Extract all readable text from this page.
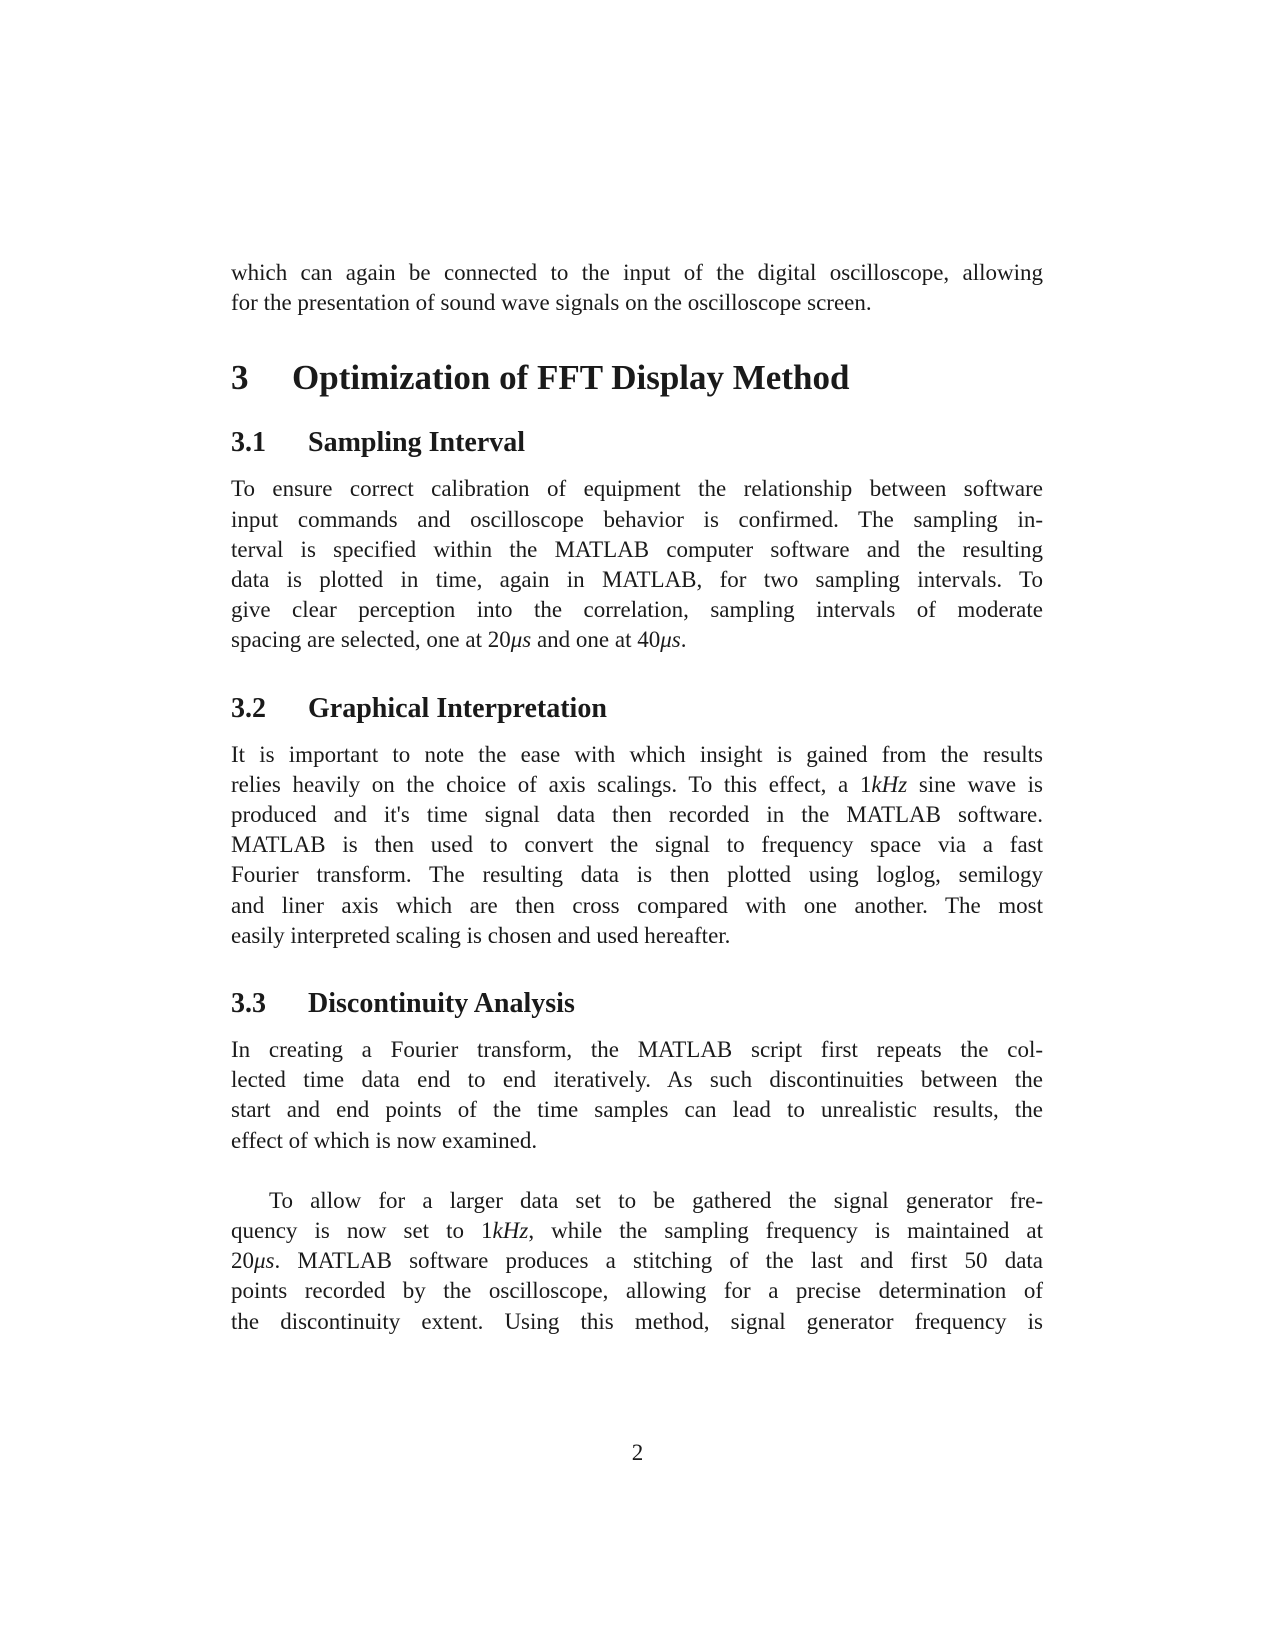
which can again be connected to the input of the digital oscilloscope, allowing
for the presentation of sound wave signals on the oscilloscope screen.

3 Optimization of FFT Display Method
3.1 Sampling Interval

To ensure correct calibration of equipment the relationship between software
input commands and oscilloscope behavior is confirmed. The sampling in-
terval is specified within the MATLAB computer software and the resulting
data is plotted in time, again in MATLAB, for two sampling intervals. To
give clear perception into the correlation, sampling intervals of moderate
spacing are selected, one at 20μs and one at 40μs.

3.2 Graphical Interpretation

It is important to note the ease with which insight is gained from the results
relies heavily on the choice of axis scalings. To this effect, a 1kHz sine wave is
produced and it's time signal data then recorded in the MATLAB software.
MATLAB is then used to convert the signal to frequency space via a fast
Fourier transform. The resulting data is then plotted using loglog, semilogy
and liner axis which are then cross compared with one another. The most
easily interpreted scaling is chosen and used hereafter.

3.3 Discontinuity Analysis

In creating a Fourier transform, the MATLAB script first repeats the col-
lected time data end to end iteratively. As such discontinuities between the
start and end points of the time samples can lead to unrealistic results, the
effect of which is now examined.

To allow for a larger data set to be gathered the signal generator fre-
quency is now set to 1kHz, while the sampling frequency is maintained at
20μs. MATLAB software produces a stitching of the last and first 50 data
points recorded by the oscilloscope, allowing for a precise determination of
the discontinuity extent. Using this method, signal generator frequency is

2
